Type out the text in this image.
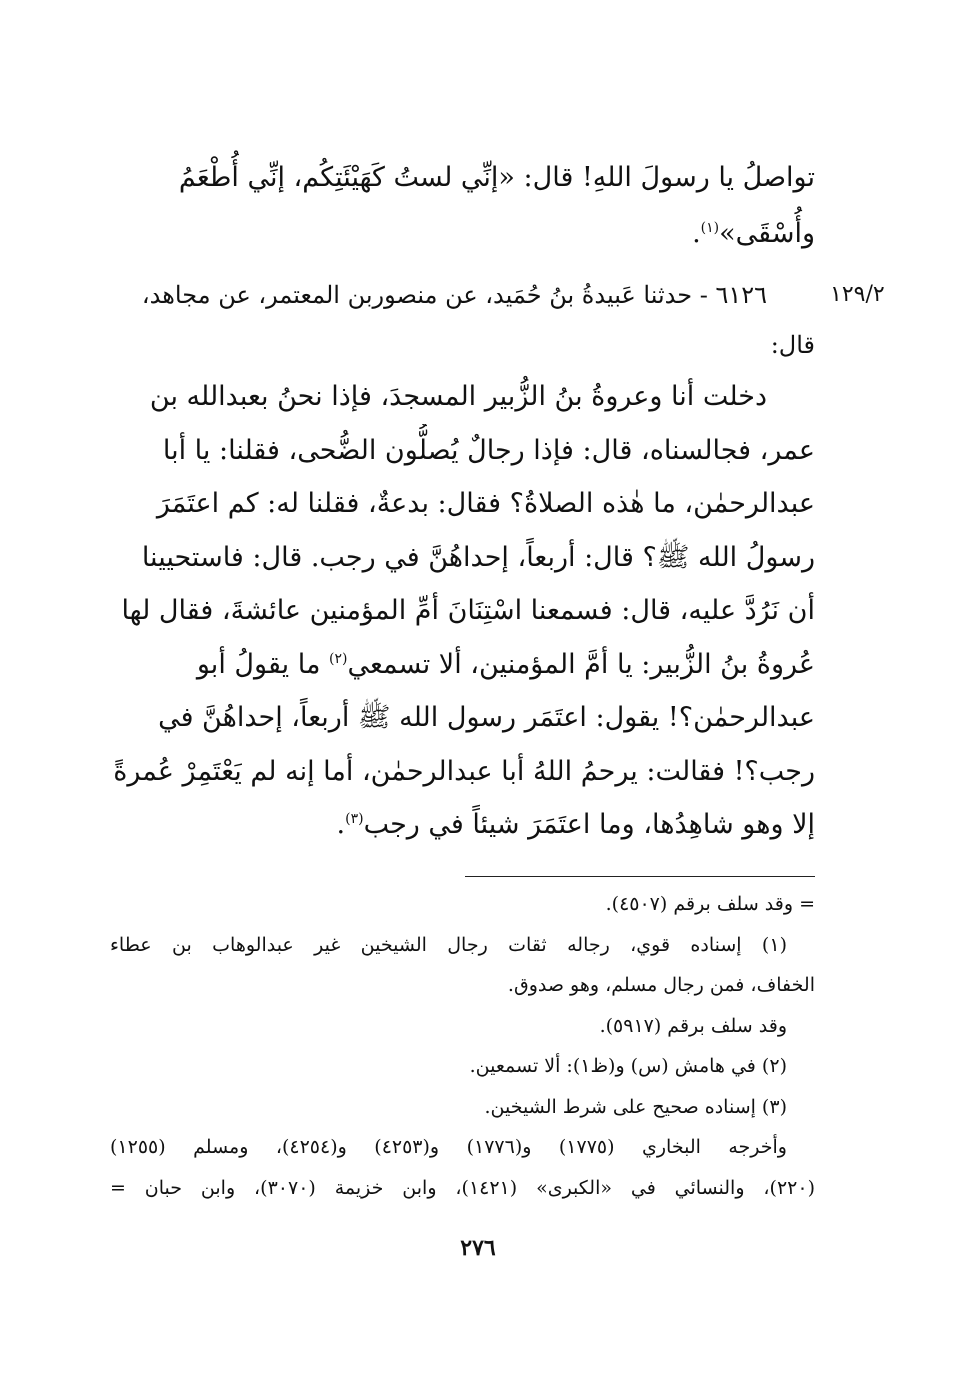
تواصلُ يا رسولَ اللهِ! قال: «إنِّي لستُ كَهَيْئَتِكُم، إنِّي أُطْعَمُ
وأُسْقَى»$^{(١)}$.
١٢٩/٢
٦١٢٦ - حدثنا عَبيدةُ بنُ حُمَيد، عن منصوربن المعتمر، عن مجاهد،
قال:
دخلت أنا وعروةُ بنُ الزُّبير المسجدَ، فإذا نحنُ بعبدالله بن
عمر، فجالسناه، قال: فإذا رجالٌ يُصلُّون الضُّحى، فقلنا: يا أبا
عبدالرحمٰن، ما هٰذه الصلاةُ؟ فقال: بدعةٌ، فقلنا له: كم اعتَمَرَ
رسولُ الله ﷺ؟ قال: أربعاً، إحداهُنَّ في رجب. قال: فاستحيينا
أن نَرُدَّ عليه، قال: فسمعنا اسْتِنَانَ أمِّ المؤمنين عائشةَ، فقال لها
عُروةُ بنُ الزُّبير: يا أمَّ المؤمنين، ألا تسمعي$^{(٢)}$ ما يقولُ أبو
عبدالرحمٰن؟! يقول: اعتَمَر رسول الله ﷺ أربعاً، إحداهُنَّ في
رجب؟! فقالت: يرحمُ اللهُ أبا عبدالرحمٰن، أما إنه لم يَعْتَمِرْ عُمرةً
إلا وهو شاهِدُها، وما اعتَمَرَ شيئاً في رجب$^{(٣)}$.
= وقد سلف برقم (٤٥٠٧).
(١) إسناده قوي، رجاله ثقات رجال الشيخين غير عبدالوهاب بن عطاء
الخفاف، فمن رجال مسلم، وهو صدوق.
وقد سلف برقم (٥٩١٧).
(٢) في هامش (س) و(ظ١): ألا تسمعين.
(٣) إسناده صحيح على شرط الشيخين.
وأخرجه البخاري (١٧٧٥) و(١٧٧٦) و(٤٢٥٣) و(٤٢٥٤)، ومسلم (١٢٥٥)
(٢٢٠)، والنسائي في «الكبرى» (١٤٢١)، وابن خزيمة (٣٠٧٠)، وابن حبان =
٢٧٦
